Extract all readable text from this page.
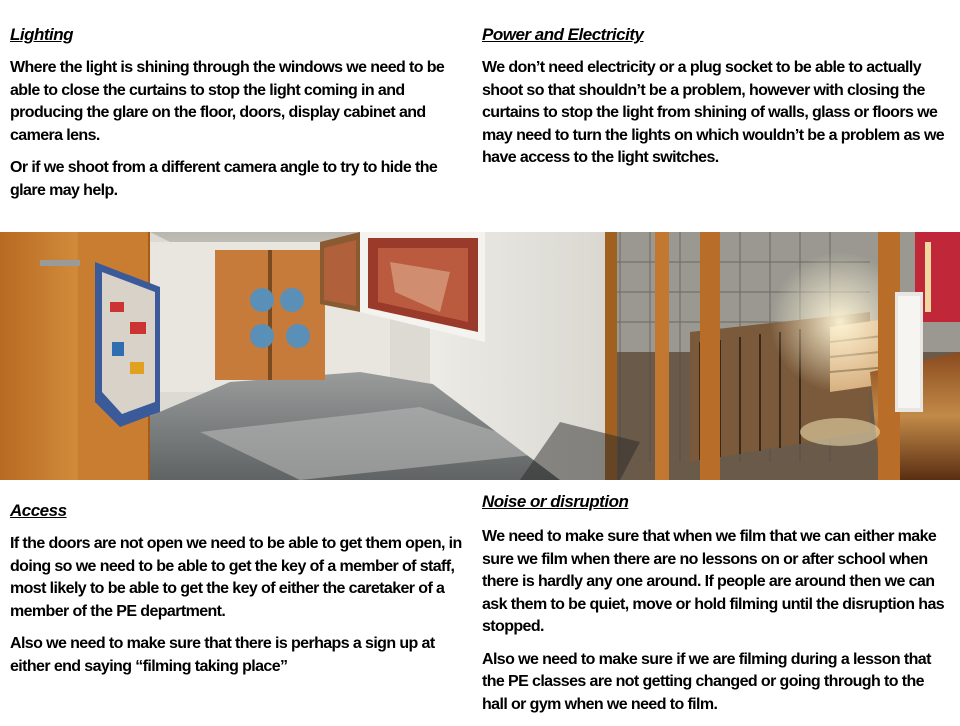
Lighting

Where the light is shining through the windows we need to be able to close the curtains to stop the light coming in and producing the glare on the floor, doors, display cabinet and camera lens.

Or if we shoot from a different camera angle to try to hide the glare may help.

Power and Electricity

We don’t need electricity or a plug socket to be able to actually shoot so that shouldn’t be a problem, however with closing the curtains to stop the light from shining of walls, glass or floors we may need to turn the lights on which wouldn’t be a problem as we have access to the light switches.

Access

If the doors are not open we need to be able to get them open, in doing so we need to be able to get the key of a member of staff, most likely to be able to get the key of either the caretaker of a member of the PE department.

Also we need to make sure that there is perhaps a sign up at either end saying “filming taking place”

Noise or disruption

We need to make sure that when we film that we can either make sure we film when there are no lessons on or after school when there is hardly any one around. If people are around then we can ask them to be quiet, move or hold filming until the disruption has stopped.

Also we need to make sure if we are filming during a lesson that the PE classes are not getting changed or going through to the hall or gym when we need to film.
